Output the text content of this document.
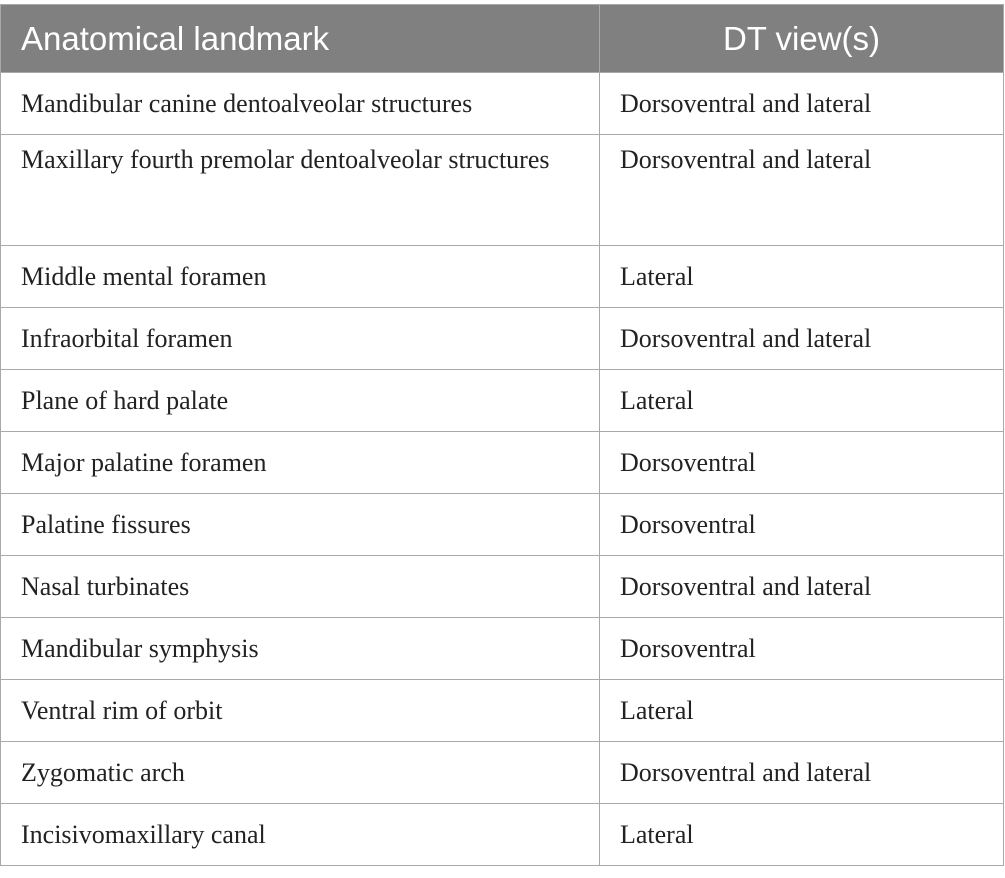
Anatomical landmark	DT view(s)

Mandibular canine dentoalveolar structures	Dorsoventral and lateral

Maxillary fourth premolar dentoalveolar structures	Dorsoventral and lateral

Middle mental foramen	Lateral

Infraorbital foramen	Dorsoventral and lateral

Plane of hard palate	Lateral

Major palatine foramen	Dorsoventral

Palatine fissures	Dorsoventral

Nasal turbinates	Dorsoventral and lateral

Mandibular symphysis	Dorsoventral

Ventral rim of orbit	Lateral

Zygomatic arch	Dorsoventral and lateral

Incisivomaxillary canal	Lateral
